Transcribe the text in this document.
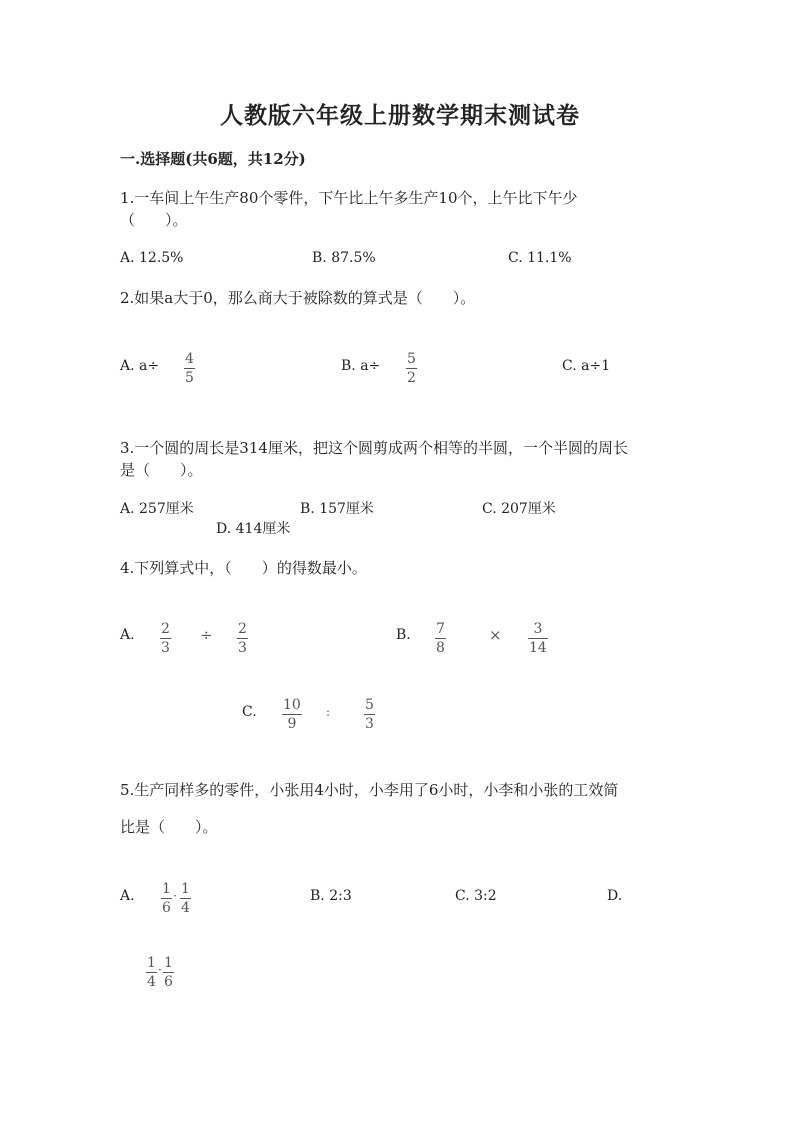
人教版六年级上册数学期末测试卷
一.选择题(共6题，共12分)
1.一车间上午生产80个零件，下午比上午多生产10个，上午比下午少
（　　）。
A. 12.5%	B. 87.5%	C. 11.1%
2.如果a大于0，那么商大于被除数的算式是（　　）。
A. a÷ 4
5
B. a÷ 5
2
C. a÷1
3.一个圆的周长是314厘米，把这个圆剪成两个相等的半圆，一个半圆的周长
是（　　）。
A. 257厘米	B. 157厘米	C. 207厘米
D. 414厘米
4.下列算式中，（　　）的得数最小。
A. 2
3
÷ 2
3
B. 7
8
× 3
14
C. 10
9
: 5
3
5.生产同样多的零件，小张用4小时，小李用了6小时，小李和小张的工效简
比是（　　）。
A. 1
6
· 1
4
B. 2:3	C. 3:2	D.
1
4
· 1
6
